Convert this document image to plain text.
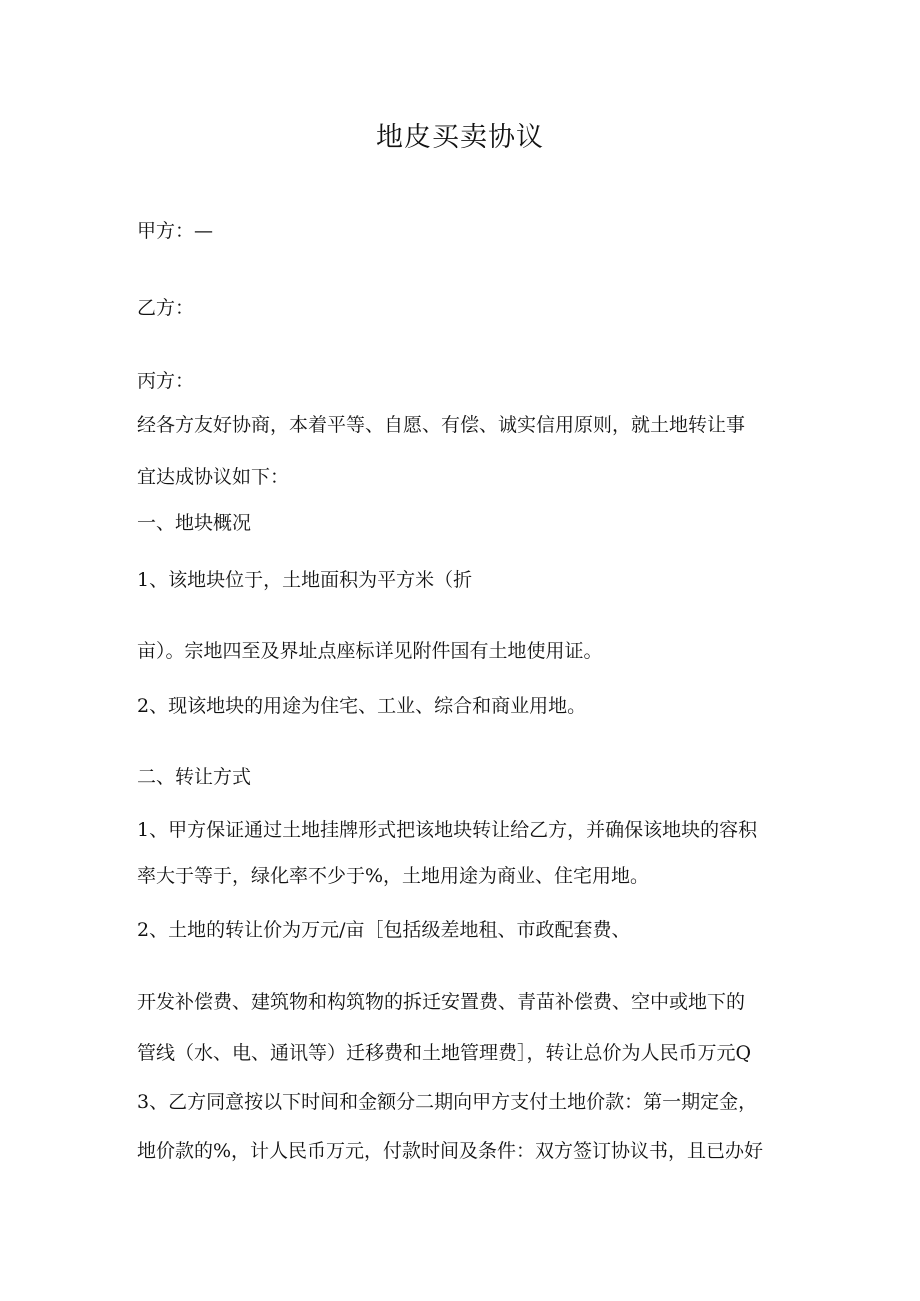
地皮买卖协议
甲方：—
乙方：
丙方：
经各方友好协商，本着平等、自愿、有偿、诚实信用原则，就土地转让事
宜达成协议如下：
一、地块概况
1、该地块位于，土地面积为平方米（折
亩）。宗地四至及界址点座标详见附件国有土地使用证。
2、现该地块的用途为住宅、工业、综合和商业用地。
二、转让方式
1、甲方保证通过土地挂牌形式把该地块转让给乙方，并确保该地块的容积
率大于等于，绿化率不少于%，土地用途为商业、住宅用地。
2、土地的转让价为万元/亩［包括级差地租、市政配套费、
开发补偿费、建筑物和构筑物的拆迁安置费、青苗补偿费、空中或地下的
管线（水、电、通讯等）迁移费和土地管理费］，转让总价为人民币万元Q
3、乙方同意按以下时间和金额分二期向甲方支付土地价款：第一期定金，
地价款的%，计人民币万元，付款时间及条件：双方签订协议书，且已办好
